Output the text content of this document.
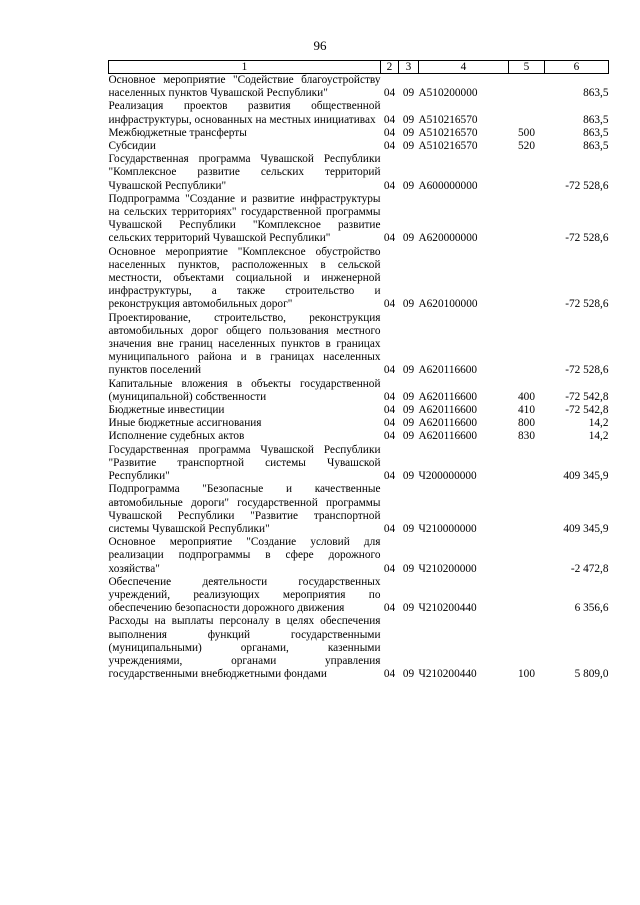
96
1	2	3	4	5	6
Основное мероприятие "Содействие благоустройству населенных пунктов Чувашской Республики"	04	09	А510200000		863,5
Реализация проектов развития общественной инфраструктуры, основанных на местных инициативах	04	09	А510216570		863,5
Межбюджетные трансферты	04	09	А510216570	500	863,5
Субсидии	04	09	А510216570	520	863,5
Государственная программа Чувашской Республики "Комплексное развитие сельских территорий Чувашской Республики"	04	09	А600000000		-72 528,6
Подпрограмма "Создание и развитие инфраструктуры на сельских территориях" государственной программы Чувашской Республики "Комплексное развитие сельских территорий Чувашской Республики"	04	09	А620000000		-72 528,6
Основное мероприятие "Комплексное обустройство населенных пунктов, расположенных в сельской местности, объектами социальной и инженерной инфраструктуры, а также строительство и реконструкция автомобильных дорог"	04	09	А620100000		-72 528,6
Проектирование, строительство, реконструкция автомобильных дорог общего пользования местного значения вне границ населенных пунктов в границах муниципального района и в границах населенных пунктов поселений	04	09	А620116600		-72 528,6
Капитальные вложения в объекты государственной (муниципальной) собственности	04	09	А620116600	400	-72 542,8
Бюджетные инвестиции	04	09	А620116600	410	-72 542,8
Иные бюджетные ассигнования	04	09	А620116600	800	14,2
Исполнение судебных актов	04	09	А620116600	830	14,2
Государственная программа Чувашской Республики "Развитие транспортной системы Чувашской Республики"	04	09	Ч200000000		409 345,9
Подпрограмма "Безопасные и качественные автомобильные дороги" государственной программы Чувашской Республики "Развитие транспортной системы Чувашской Республики"	04	09	Ч210000000		409 345,9
Основное мероприятие "Создание условий для реализации подпрограммы в сфере дорожного хозяйства"	04	09	Ч210200000		-2 472,8
Обеспечение деятельности государственных учреждений, реализующих мероприятия по обеспечению безопасности дорожного движения	04	09	Ч210200440		6 356,6
Расходы на выплаты персоналу в целях обеспечения выполнения функций государственными (муниципальными) органами, казенными учреждениями, органами управления государственными внебюджетными фондами	04	09	Ч210200440	100	5 809,0
